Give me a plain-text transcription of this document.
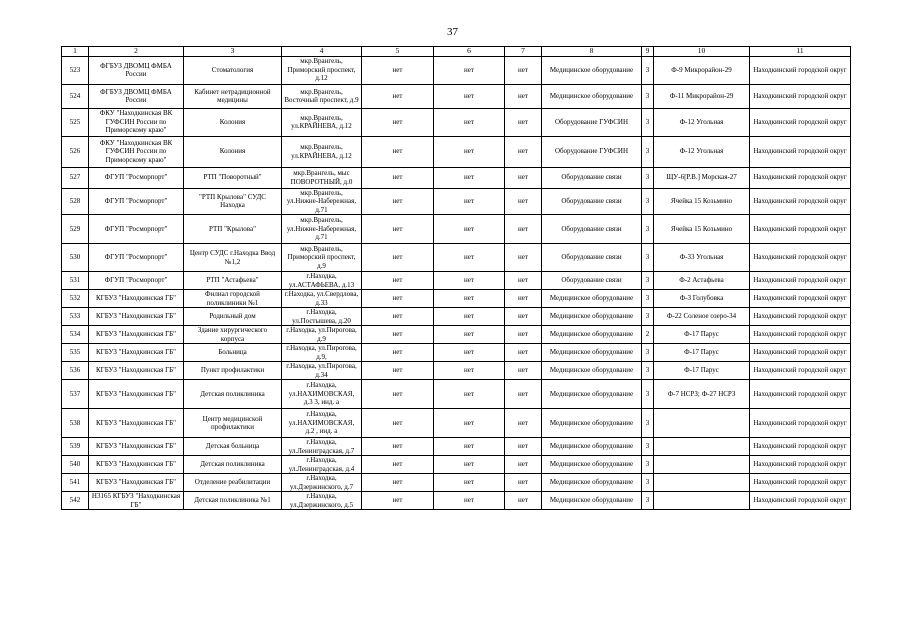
37
1	2	3	4	5	6	7	8	9	10	11
523	ФГБУЗ ДВОМЦ ФМБА России	Стоматология	мкр.Врангель, Приморский проспект, д.12	нет	нет	нет	Медицинское оборудование	3	Ф-9 Микрорайон-29	Находкинский городской округ
524	ФГБУЗ ДВОМЦ ФМБА России	Кабинет нетрадиционной медицины	мкр.Врангель, Восточный проспект, д.9	нет	нет	нет	Медицинское оборудование	3	Ф-11 Микрорайон-29	Находкинский городской округ
525	ФКУ "Находкинская ВК ГУФСИН России по Приморскому краю"	Колония	мкр.Врангель, ул.КРАЙНЕВА, д.12	нет	нет	нет	Оборудование ГУФСИН	3	Ф-12 Угольная	Находкинский городской округ
526	ФКУ "Находкинская ВК ГУФСИН России по Приморскому краю"	Колония	мкр.Врангель, ул.КРАЙНЕВА, д.12	нет	нет	нет	Оборудование ГУФСИН	3	Ф-12 Угольная	Находкинский городской округ
527	ФГУП "Росморпорт"	РТП "Поворотный"	мкр.Врангель, мыс ПОВОРОТНЫЙ, д.0	нет	нет	нет	Оборудование связи	3	ЩУ-6[Р.В.] Морская-27	Находкинский городской округ
528	ФГУП "Росморпорт"	"РТП Крылова" СУДС Находка	мкр.Врангель, ул.Нижне-Набережная, д.71	нет	нет	нет	Оборудование связи	3	Ячейка 15 Козьмино	Находкинский городской округ
529	ФГУП "Росморпорт"	РТП "Крылова"	мкр.Врангель, ул.Нижне-Набережная, д.71	нет	нет	нет	Оборудование связи	3	Ячейка 15 Козьмино	Находкинский городской округ
530	ФГУП "Росморпорт"	Центр СУДС г.Находка Ввод №1,2	мкр.Врангель, Приморский проспект, д.9	нет	нет	нет	Оборудование связи	3	Ф-33 Угольная	Находкинский городской округ
531	ФГУП "Росморпорт"	РТП "Астафьева"	г.Находка, ул.АСТАФЬЕВА, д.13	нет	нет	нет	Оборудование связи	3	Ф-2 Астафьева	Находкинский городской округ
532	КГБУЗ "Находкинская ГБ"	Филиал городской поликлиники №1	г.Находка, ул.Свердлова, д.33	нет	нет	нет	Медицинское оборудование	3	Ф-3 Голубовка	Находкинский городской округ
533	КГБУЗ "Находкинская ГБ"	Родильный дом	г.Находка, ул.Постышева, д.20	нет	нет	нет	Медицинское оборудование	3	Ф-22 Соленое озеро-34	Находкинский городской округ
534	КГБУЗ "Находкинская ГБ"	Здание хирургического корпуса	г.Находка, ул.Пирогова, д.9	нет	нет	нет	Медицинское оборудование	2	Ф-17 Парус	Находкинский городской округ
535	КГБУЗ "Находкинская ГБ"	Больница	г.Находка, ул.Пирогова, д.9,	нет	нет	нет	Медицинское оборудование	3	Ф-17 Парус	Находкинский городской округ
536	КГБУЗ "Находкинская ГБ"	Пункт профилактики	г.Находка, ул.Пирогова, д.34	нет	нет	нет	Медицинское оборудование	3	Ф-17 Парус	Находкинский городской округ
537	КГБУЗ "Находкинская ГБ"	Детская поликлиника	г.Находка, ул.НАХИМОВСКАЯ, д.3 3, инд. а	нет	нет	нет	Медицинское оборудование	3	Ф-7 НСРЗ; Ф-27 НСРЗ	Находкинский городской округ
538	КГБУЗ "Находкинская ГБ"	Центр медицинской профилактики	г.Находка, ул.НАХИМОВСКАЯ, д.2 , инд. а	нет	нет	нет	Медицинское оборудование	3		Находкинский городской округ
539	КГБУЗ "Находкинская ГБ"	Детская больница	г.Находка, ул.Ленинградская, д.7	нет	нет	нет	Медицинское оборудование	3		Находкинский городской округ
540	КГБУЗ "Находкинская ГБ"	Детская поликлиника	г.Находка, ул.Ленинградская, д.4	нет	нет	нет	Медицинское оборудование	3		Находкинский городской округ
541	КГБУЗ "Находкинская ГБ"	Отделение реабилитации	г.Находка, ул.Дзержинского, д.7	нет	нет	нет	Медицинское оборудование	3		Находкинский городской округ
542	Н3165 КГБУЗ "Находкинская ГБ"	Детская поликлиника №1	г.Находка, ул.Дзержинского, д.5	нет	нет	нет	Медицинское оборудование	3		Находкинский городской округ
